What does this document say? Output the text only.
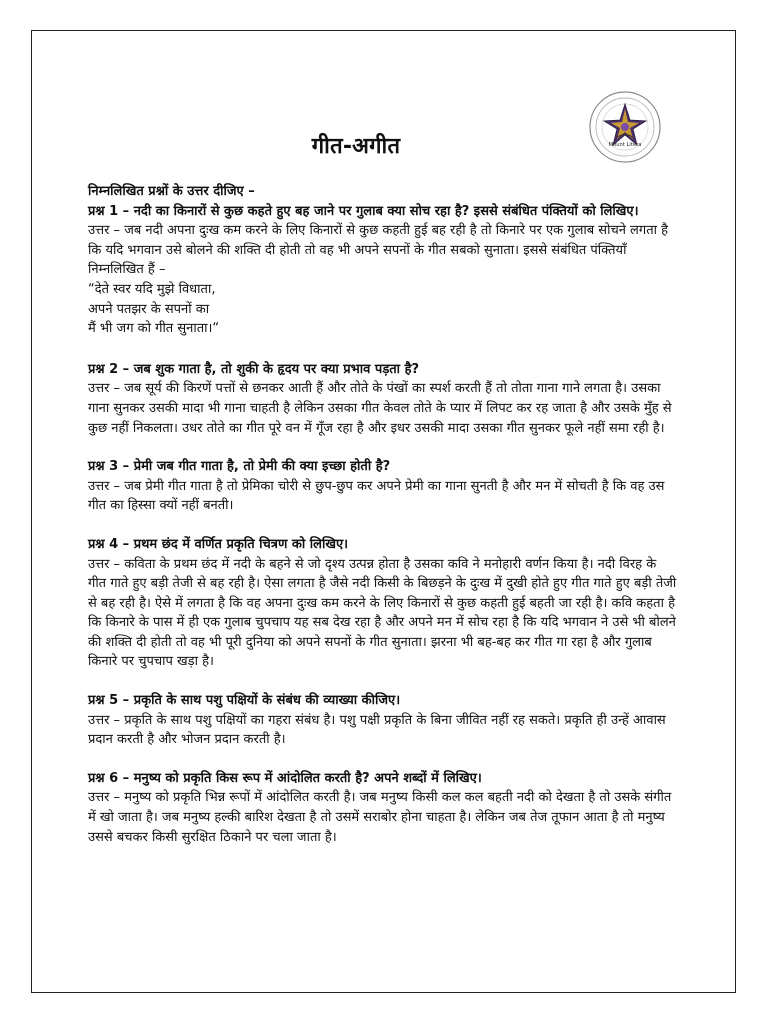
Mount Litera
गीत-अगीत

निम्नलिखित प्रश्नों के उत्तर दीजिए –

प्रश्न 1 – नदी का किनारों से कुछ कहते हुए बह जाने पर गुलाब क्या सोच रहा है? इससे संबंधित पंक्तियों को लिखिए।

उत्तर – जब नदी अपना दुःख कम करने के लिए किनारों से कुछ कहती हुई बह रही है तो किनारे पर एक गुलाब सोचने लगता है कि यदि भगवान उसे बोलने की शक्ति दी होती तो वह भी अपने सपनों के गीत सबको सुनाता। इससे संबंधित पंक्तियाँ निम्नलिखित हैं –

“देते स्वर यदि मुझे विधाता,

अपने पतझर के सपनों का

मैं भी जग को गीत सुनाता।“

प्रश्न 2 – जब शुक गाता है, तो शुकी के हृदय पर क्या प्रभाव पड़ता है?

उत्तर – जब सूर्य की किरणें पत्तों से छनकर आती हैं और तोते के पंखों का स्पर्श करती हैं तो तोता गाना गाने लगता है। उसका गाना सुनकर उसकी मादा भी गाना चाहती है लेकिन उसका गीत केवल तोते के प्यार में लिपट कर रह जाता है और उसके मुँह से कुछ नहीं निकलता। उधर तोते का गीत पूरे वन में गूँज रहा है और इधर उसकी मादा उसका गीत सुनकर फूले नहीं समा रही है।

प्रश्न 3 – प्रेमी जब गीत गाता है, तो प्रेमी की क्या इच्छा होती है?

उत्तर – जब प्रेमी गीत गाता है तो प्रेमिका चोरी से छुप-छुप कर अपने प्रेमी का गाना सुनती है और मन में सोचती है कि वह उस गीत का हिस्सा क्यों नहीं बनती।

प्रश्न 4 – प्रथम छंद में वर्णित प्रकृति चित्रण को लिखिए।

उत्तर – कविता के प्रथम छंद में नदी के बहने से जो दृश्य उत्पन्न होता है उसका कवि ने मनोहारी वर्णन किया है। नदी विरह के गीत गाते हुए बड़ी तेजी से बह रही है। ऐसा लगता है जैसे नदी किसी के बिछड़ने के दुःख में दुखी होते हुए गीत गाते हुए बड़ी तेजी से बह रही है। ऐसे में लगता है कि वह अपना दुःख कम करने के लिए किनारों से कुछ कहती हुई बहती जा रही है। कवि कहता है कि किनारे के पास में ही एक गुलाब चुपचाप यह सब देख रहा है और अपने मन में सोच रहा है कि यदि भगवान ने उसे भी बोलने की शक्ति दी होती तो वह भी पूरी दुनिया को अपने सपनों के गीत सुनाता। झरना भी बह-बह कर गीत गा रहा है और गुलाब किनारे पर चुपचाप खड़ा है।

प्रश्न 5 – प्रकृति के साथ पशु पक्षियों के संबंध की व्याख्या कीजिए।

उत्तर – प्रकृति के साथ पशु पक्षियों का गहरा संबंध है। पशु पक्षी प्रकृति के बिना जीवित नहीं रह सकते। प्रकृति ही उन्हें आवास प्रदान करती है और भोजन प्रदान करती है।

प्रश्न 6 – मनुष्य को प्रकृति किस रूप में आंदोलित करती है? अपने शब्दों में लिखिए।

उत्तर – मनुष्य को प्रकृति भिन्न रूपों में आंदोलित करती है। जब मनुष्य किसी कल कल बहती नदी को देखता है तो उसके संगीत में खो जाता है। जब मनुष्य हल्की बारिश देखता है तो उसमें सराबोर होना चाहता है। लेकिन जब तेज तूफान आता है तो मनुष्य उससे बचकर किसी सुरक्षित ठिकाने पर चला जाता है।
